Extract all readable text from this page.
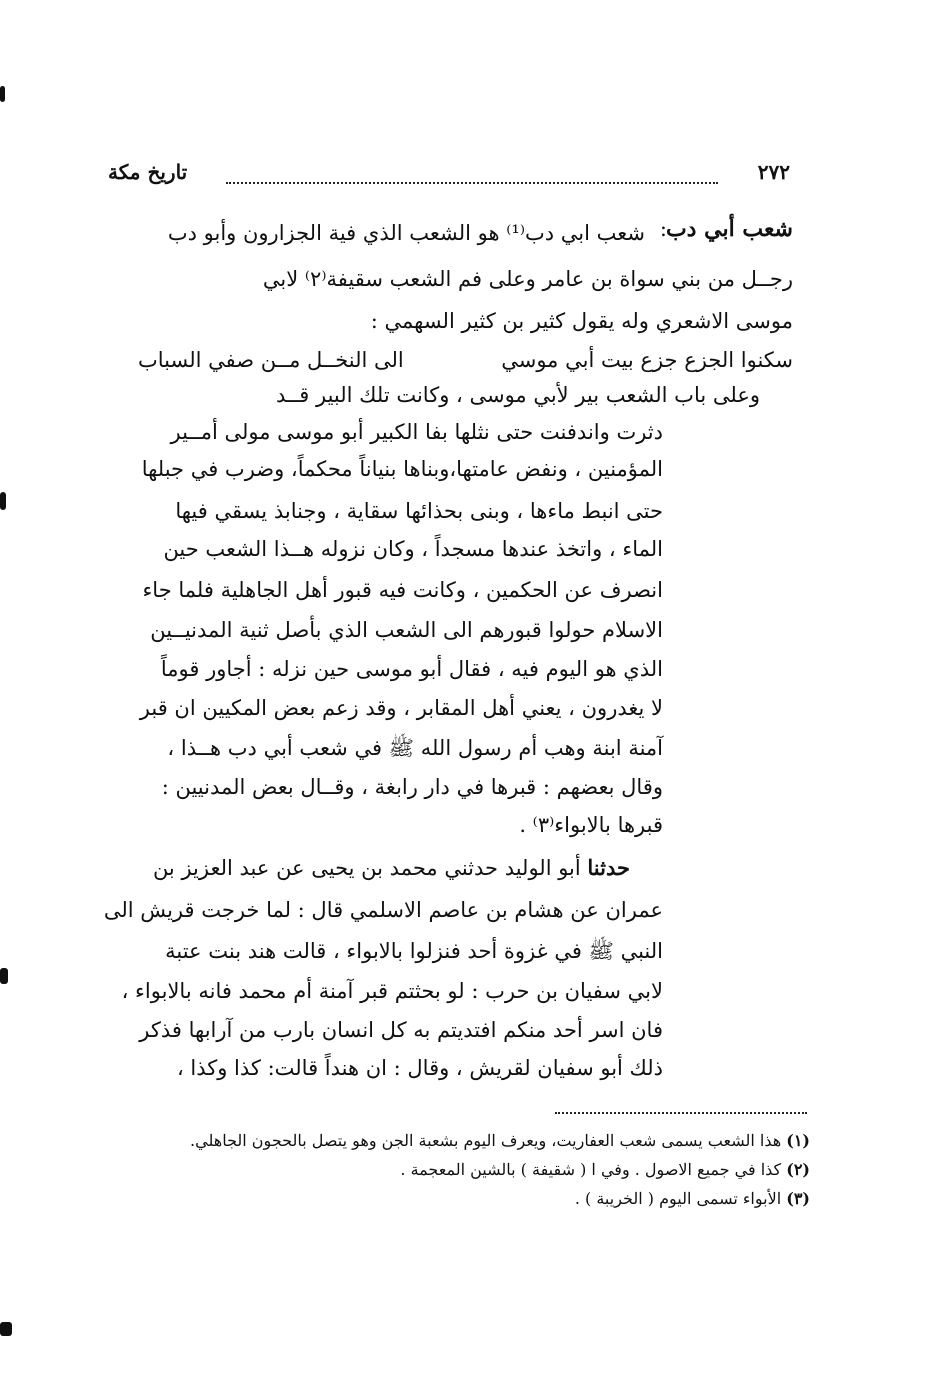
٢٧٢
تاريخ مكة
شعب أبي دب
:
شعب ابي دب⁽¹⁾ هو الشعب الذي فية الجزارون وأبو دب
رجــل من بني سواة بن عامر وعلى فم الشعب سقيفة⁽٢⁾ لابي
موسى الاشعري وله يقول كثير بن كثير السهمي :
سكنوا الجزع جزع بيت أبي موسي
الى النخــل مــن صفي السباب
وعلى باب الشعب بير لأبي موسى ، وكانت تلك البير قــد
دثرت واندفنت حتى نثلها بفا الكبير أبو موسى مولى أمــير
المؤمنين ، ونفض عامتها،وبناها بنياناً محكماً، وضرب في جبلها
حتى انبط ماءها ، وبنى بحذائها سقاية ، وجنابذ يسقي فيها
الماء ، واتخذ عندها مسجداً ، وكان نزوله هــذا الشعب حين
انصرف عن الحكمين ، وكانت فيه قبور أهل الجاهلية فلما جاء
الاسلام حولوا قبورهم الى الشعب الذي بأصل ثنية المدنيــين
الذي هو اليوم فيه ، فقال أبو موسى حين نزله : أجاور قوماً
لا يغدرون ، يعني أهل المقابر ، وقد زعم بعض المكيين ان قبر
آمنة ابنة وهب أم رسول الله ﷺ في شعب أبي دب هــذا ،
وقال بعضهم : قبرها في دار رابغة ، وقــال بعض المدنيين :
قبرها بالابواء⁽٣⁾ .
حدثنا أبو الوليد حدثني محمد بن يحيى عن عبد العزيز بن
عمران عن هشام بن عاصم الاسلمي قال : لما خرجت قريش الى
النبي ﷺ في غزوة أحد فنزلوا بالابواء ، قالت هند بنت عتبة
لابي سفيان بن حرب : لو بحثتم قبر آمنة أم محمد فانه بالابواء ،
فان اسر أحد منكم افتديتم به كل انسان بارب من آرابها فذكر
ذلك أبو سفيان لقريش ، وقال : ان هنداً قالت: كذا وكذا ،
(١) هذا الشعب يسمى شعب العفاريت، ويعرف اليوم بشعبة الجن وهو يتصل بالحجون الجاهلي.
(٢) كذا في جميع الاصول . وفي ا ( شقيفة ) بالشين المعجمة .
(٣) الأبواء تسمى اليوم ( الخريبة ) .
